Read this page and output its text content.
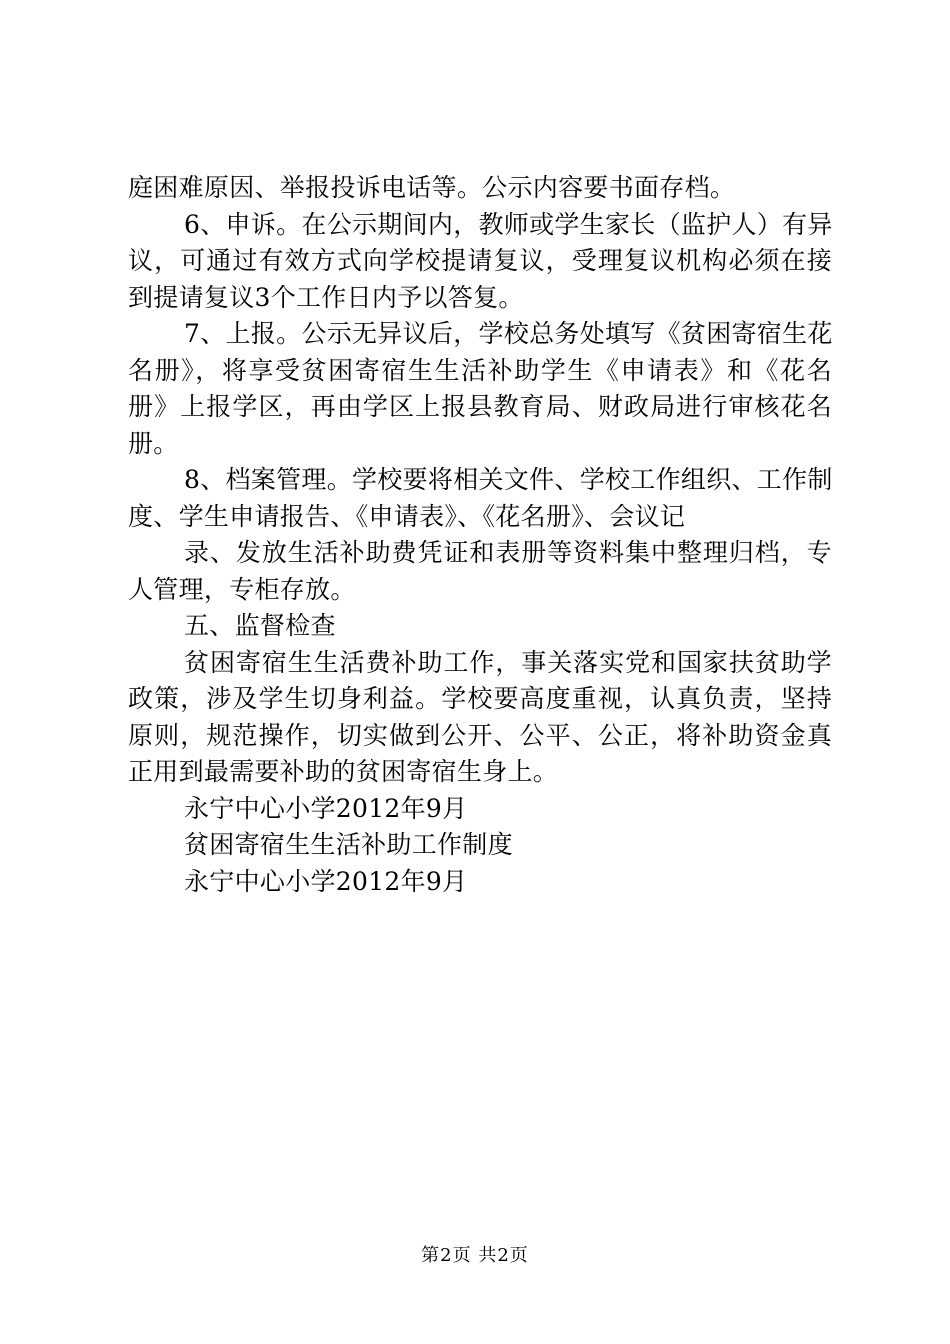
庭困难原因、举报投诉电话等。公示内容要书面存档。
6、申诉。在公示期间内，教师或学生家长（监护人）有异
议，可通过有效方式向学校提请复议，受理复议机构必须在接
到提请复议3个工作日内予以答复。
7、上报。公示无异议后，学校总务处填写《贫困寄宿生花
名册》，将享受贫困寄宿生生活补助学生《申请表》和《花名
册》上报学区，再由学区上报县教育局、财政局进行审核花名
册。
8、档案管理。学校要将相关文件、学校工作组织、工作制
度、学生申请报告、《申请表》、《花名册》、会议记
录、发放生活补助费凭证和表册等资料集中整理归档，专
人管理，专柜存放。
五、监督检查
贫困寄宿生生活费补助工作，事关落实党和国家扶贫助学
政策，涉及学生切身利益。学校要高度重视，认真负责，坚持
原则，规范操作，切实做到公开、公平、公正，将补助资金真
正用到最需要补助的贫困寄宿生身上。
永宁中心小学2012年9月
贫困寄宿生生活补助工作制度
永宁中心小学2012年9月
第2页 共2页
